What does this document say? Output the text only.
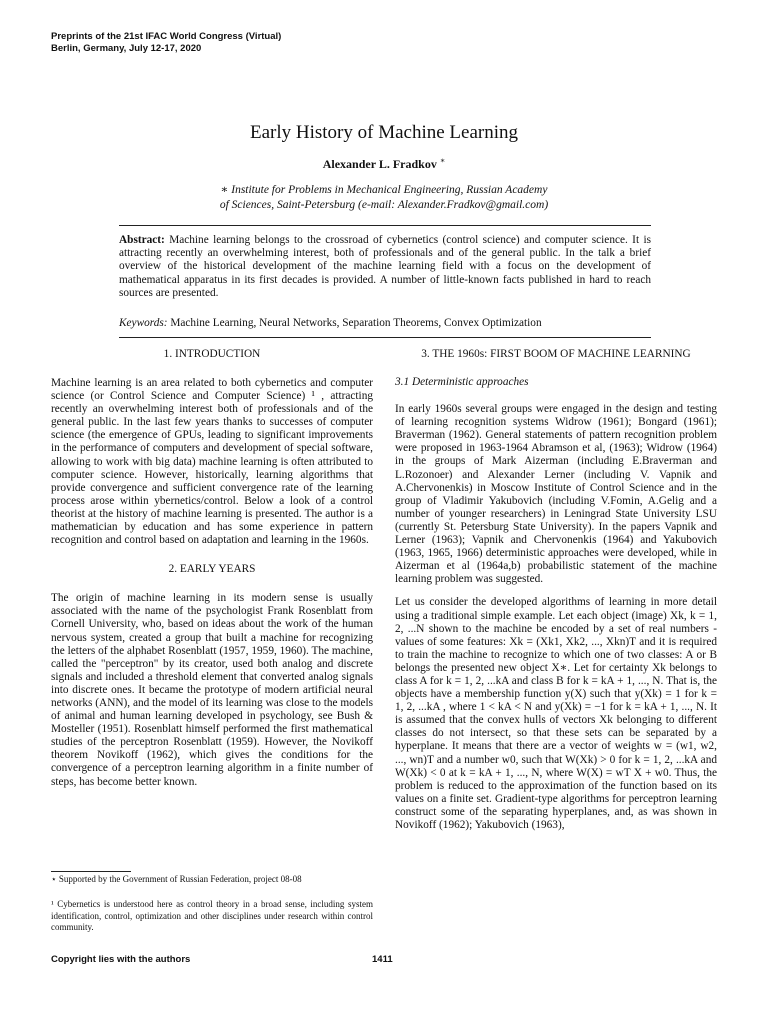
Preprints of the 21st IFAC World Congress (Virtual)
Berlin, Germany, July 12-17, 2020
Early History of Machine Learning
Alexander L. Fradkov ∗
∗ Institute for Problems in Mechanical Engineering, Russian Academy
of Sciences, Saint-Petersburg (e-mail: Alexander.Fradkov@gmail.com)
Abstract: Machine learning belongs to the crossroad of cybernetics (control science) and computer science. It is attracting recently an overwhelming interest, both of professionals and of the general public. In the talk a brief overview of the historical development of the machine learning field with a focus on the development of mathematical apparatus in its first decades is provided. A number of little-known facts published in hard to reach sources are presented.
Keywords: Machine Learning, Neural Networks, Separation Theorems, Convex Optimization
1. INTRODUCTION

Machine learning is an area related to both cybernetics and computer science (or Control Science and Computer Science) ¹ , attracting recently an overwhelming interest both of professionals and of the general public. In the last few years thanks to successes of computer science (the emergence of GPUs, leading to significant improvements in the performance of computers and development of special software, allowing to work with big data) machine learning is often attributed to computer science. However, historically, learning algorithms that provide convergence and sufficient convergence rate of the learning process arose within ybernetics/control. Below a look of a control theorist at the history of machine learning is presented. The author is a mathematician by education and has some experience in pattern recognition and control based on adaptation and learning in the 1960s.

2. EARLY YEARS

The origin of machine learning in its modern sense is usually associated with the name of the psychologist Frank Rosenblatt from Cornell University, who, based on ideas about the work of the human nervous system, created a group that built a machine for recognizing the letters of the alphabet Rosenblatt (1957, 1959, 1960). The machine, called the "perceptron" by its creator, used both analog and discrete signals and included a threshold element that converted analog signals into discrete ones. It became the prototype of modern artificial neural networks (ANN), and the model of its learning was close to the models of animal and human learning developed in psychology, see Bush & Mosteller (1951). Rosenblatt himself performed the first mathematical studies of the perceptron Rosenblatt (1959). However, the Novikoff theorem Novikoff (1962), which gives the conditions for the convergence of a perceptron learning algorithm in a finite number of steps, has become better known.

⋆ Supported by the Government of Russian Federation, project 08-08
¹ Cybernetics is understood here as control theory in a broad sense, including system identification, control, optimization and other disciplines under research within control community.
3. THE 1960s: FIRST BOOM OF MACHINE LEARNING
3.1 Deterministic approaches

In early 1960s several groups were engaged in the design and testing of learning recognition systems Widrow (1961); Bongard (1961); Braverman (1962). General statements of pattern recognition problem were proposed in 1963-1964 Abramson et al, (1963); Widrow (1964) in the groups of Mark Aizerman (including E.Braverman and L.Rozonoer) and Alexander Lerner (including V. Vapnik and A.Chervonenkis) in Moscow Institute of Control Science and in the group of Vladimir Yakubovich (including V.Fomin, A.Gelig and a number of younger researchers) in Leningrad State University LSU (currently St. Petersburg State University). In the papers Vapnik and Lerner (1963); Vapnik and Chervonenkis (1964) and Yakubovich (1963, 1965, 1966) deterministic approaches were developed, while in Aizerman et al (1964a,b) probabilistic statement of the machine learning problem was suggested.

Let us consider the developed algorithms of learning in more detail using a traditional simple example. Let each object (image) Xk, k = 1, 2, ...N shown to the machine be encoded by a set of real numbers - values of some features: Xk = (Xk1, Xk2, ..., Xkn)T and it is required to train the machine to recognize to which one of two classes: A or B belongs the presented new object X∗. Let for certainty Xk belongs to class A for k = 1, 2, ...kA and class B for k = kA + 1, ..., N. That is, the objects have a membership function y(X) such that y(Xk) = 1 for k = 1, 2, ...kA , where 1 < kA < N and y(Xk) = −1 for k = kA + 1, ..., N. It is assumed that the convex hulls of vectors Xk belonging to different classes do not intersect, so that these sets can be separated by a hyperplane. It means that there are a vector of weights w = (w1, w2, ..., wn)T and a number w0, such that W(Xk) > 0 for k = 1, 2, ...kA and W(Xk) < 0 at k = kA + 1, ..., N, where W(X) = wT X + w0. Thus, the problem is reduced to the approximation of the function based on its values on a finite set. Gradient-type algorithms for perceptron learning construct some of the separating hyperplanes, and, as was shown in Novikoff (1962); Yakubovich (1963),

Copyright lies with the authors	1411
